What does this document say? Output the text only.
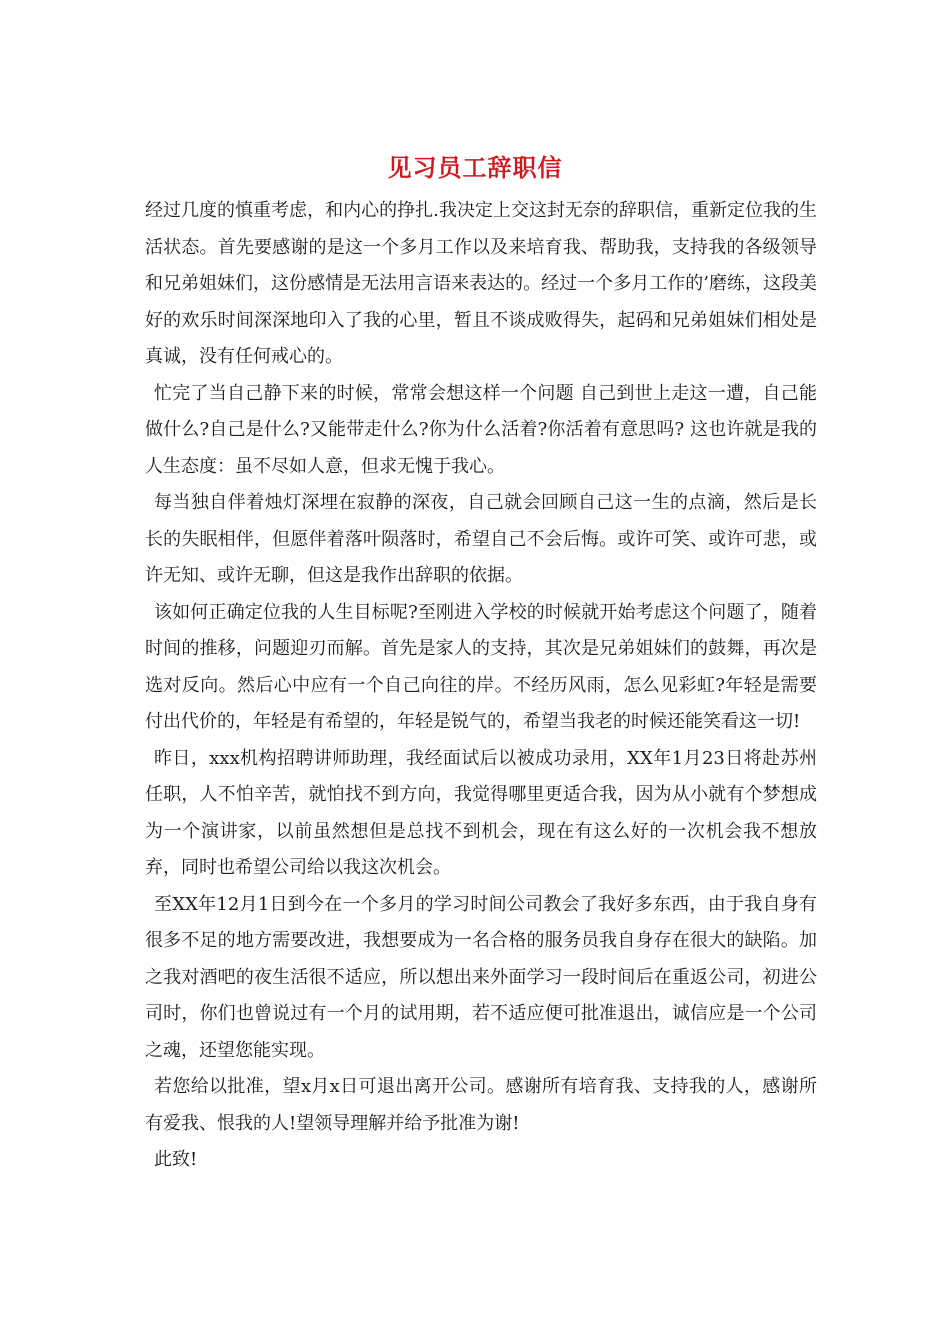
见习员工辞职信

经过几度的慎重考虑，和内心的挣扎.我决定上交这封无奈的辞职信，重新定位我的生活状态。首先要感谢的是这一个多月工作以及来培育我、帮助我，支持我的各级领导和兄弟姐妹们，这份感情是无法用言语来表达的。经过一个多月工作的’磨练，这段美好的欢乐时间深深地印入了我的心里，暂且不谈成败得失，起码和兄弟姐妹们相处是真诚，没有任何戒心的。

忙完了当自己静下来的时候，常常会想这样一个问题 自己到世上走这一遭，自己能做什么?自己是什么?又能带走什么?你为什么活着?你活着有意思吗? 这也许就是我的人生态度：虽不尽如人意，但求无愧于我心。

每当独自伴着烛灯深埋在寂静的深夜，自己就会回顾自己这一生的点滴，然后是长长的失眠相伴，但愿伴着落叶陨落时，希望自己不会后悔。或许可笑、或许可悲，或许无知、或许无聊，但这是我作出辞职的依据。

该如何正确定位我的人生目标呢?至刚进入学校的时候就开始考虑这个问题了，随着时间的推移，问题迎刃而解。首先是家人的支持，其次是兄弟姐妹们的鼓舞，再次是选对反向。然后心中应有一个自己向往的岸。不经历风雨，怎么见彩虹?年轻是需要付出代价的，年轻是有希望的，年轻是锐气的，希望当我老的时候还能笑看这一切!

昨日，xxx机构招聘讲师助理，我经面试后以被成功录用，XX年1月23日将赴苏州任职，人不怕辛苦，就怕找不到方向，我觉得哪里更适合我，因为从小就有个梦想成为一个演讲家，以前虽然想但是总找不到机会，现在有这么好的一次机会我不想放弃，同时也希望公司给以我这次机会。

至XX年12月1日到今在一个多月的学习时间公司教会了我好多东西，由于我自身有很多不足的地方需要改进，我想要成为一名合格的服务员我自身存在很大的缺陷。加之我对酒吧的夜生活很不适应，所以想出来外面学习一段时间后在重返公司，初进公司时，你们也曾说过有一个月的试用期，若不适应便可批准退出，诚信应是一个公司之魂，还望您能实现。

若您给以批准，望x月x日可退出离开公司。感谢所有培育我、支持我的人，感谢所有爱我、恨我的人!望领导理解并给予批准为谢!

此致!
